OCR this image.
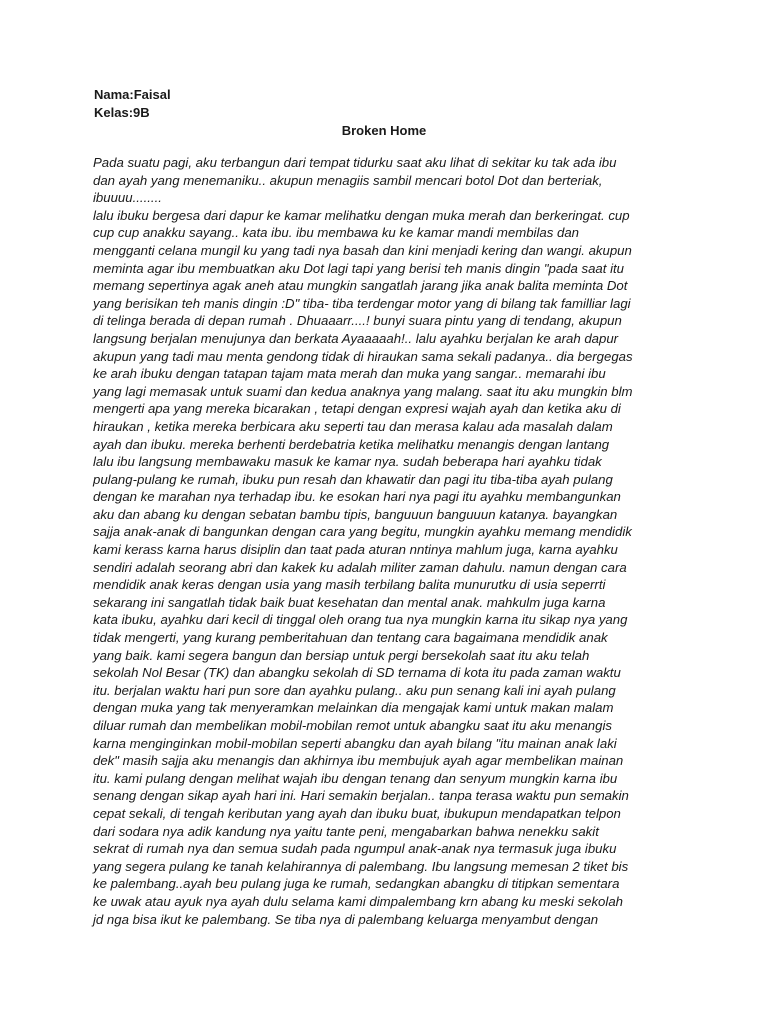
Nama:Faisal
Kelas:9B
Broken Home
Pada suatu pagi, aku terbangun dari tempat tidurku saat aku lihat di sekitar ku tak ada ibu
dan ayah yang menemaniku.. akupun menagiis sambil mencari botol Dot dan berteriak,
ibuuuu........
lalu ibuku bergesa dari dapur ke kamar melihatku dengan muka merah dan berkeringat. cup
cup cup anakku sayang.. kata ibu. ibu membawa ku ke kamar mandi membilas dan
mengganti celana mungil ku yang tadi nya basah dan kini menjadi kering dan wangi. akupun
meminta agar ibu membuatkan aku Dot lagi tapi yang berisi teh manis dingin "pada saat itu
memang sepertinya agak aneh atau mungkin sangatlah jarang jika anak balita meminta Dot
yang berisikan teh manis dingin :D" tiba- tiba terdengar motor yang di bilang tak familliar lagi
di telinga berada di depan rumah . Dhuaaarr....! bunyi suara pintu yang di tendang, akupun
langsung berjalan menujunya dan berkata Ayaaaaah!.. lalu ayahku berjalan ke arah dapur
akupun yang tadi mau menta gendong tidak di hiraukan sama sekali padanya.. dia bergegas
ke arah ibuku dengan tatapan tajam mata merah dan muka yang sangar.. memarahi ibu
yang lagi memasak untuk suami dan kedua anaknya yang malang. saat itu aku mungkin blm
mengerti apa yang mereka bicarakan , tetapi dengan expresi wajah ayah dan ketika aku di
hiraukan , ketika mereka berbicara aku seperti tau dan merasa kalau ada masalah dalam
ayah dan ibuku. mereka berhenti berdebatria ketika melihatku menangis dengan lantang
lalu ibu langsung membawaku masuk ke kamar nya. sudah beberapa hari ayahku tidak
pulang-pulang ke rumah, ibuku pun resah dan khawatir dan pagi itu tiba-tiba ayah pulang
dengan ke marahan nya terhadap ibu. ke esokan hari nya pagi itu ayahku membangunkan
aku dan abang ku dengan sebatan bambu tipis, banguuun banguuun katanya. bayangkan
sajja anak-anak di bangunkan dengan cara yang begitu, mungkin ayahku memang mendidik
kami kerass karna harus disiplin dan taat pada aturan nntinya mahlum juga, karna ayahku
sendiri adalah seorang abri dan kakek ku adalah militer zaman dahulu. namun dengan cara
mendidik anak keras dengan usia yang masih terbilang balita munurutku di usia seperrti
sekarang ini sangatlah tidak baik buat kesehatan dan mental anak. mahkulm juga karna
kata ibuku, ayahku dari kecil di tinggal oleh orang tua nya mungkin karna itu sikap nya yang
tidak mengerti, yang kurang pemberitahuan dan tentang cara bagaimana mendidik anak
yang baik. kami segera bangun dan bersiap untuk pergi bersekolah saat itu aku telah
sekolah Nol Besar (TK) dan abangku sekolah di SD ternama di kota itu pada zaman waktu
itu. berjalan waktu hari pun sore dan ayahku pulang.. aku pun senang kali ini ayah pulang
dengan muka yang tak menyeramkan melainkan dia mengajak kami untuk makan malam
diluar rumah dan membelikan mobil-mobilan remot untuk abangku saat itu aku menangis
karna menginginkan mobil-mobilan seperti abangku dan ayah bilang "itu mainan anak laki
dek" masih sajja aku menangis dan akhirnya ibu membujuk ayah agar membelikan mainan
itu. kami pulang dengan melihat wajah ibu dengan tenang dan senyum mungkin karna ibu
senang dengan sikap ayah hari ini. Hari semakin berjalan.. tanpa terasa waktu pun semakin
cepat sekali, di tengah keributan yang ayah dan ibuku buat, ibukupun mendapatkan telpon
dari sodara nya adik kandung nya yaitu tante peni, mengabarkan bahwa nenekku sakit
sekrat di rumah nya dan semua sudah pada ngumpul anak-anak nya termasuk juga ibuku
yang segera pulang ke tanah kelahirannya di palembang. Ibu langsung memesan 2 tiket bis
ke palembang..ayah beu pulang juga ke rumah, sedangkan abangku di titipkan sementara
ke uwak atau ayuk nya ayah dulu selama kami dimpalembang krn abang ku meski sekolah
jd nga bisa ikut ke palembang. Se tiba nya di palembang keluarga menyambut dengan
